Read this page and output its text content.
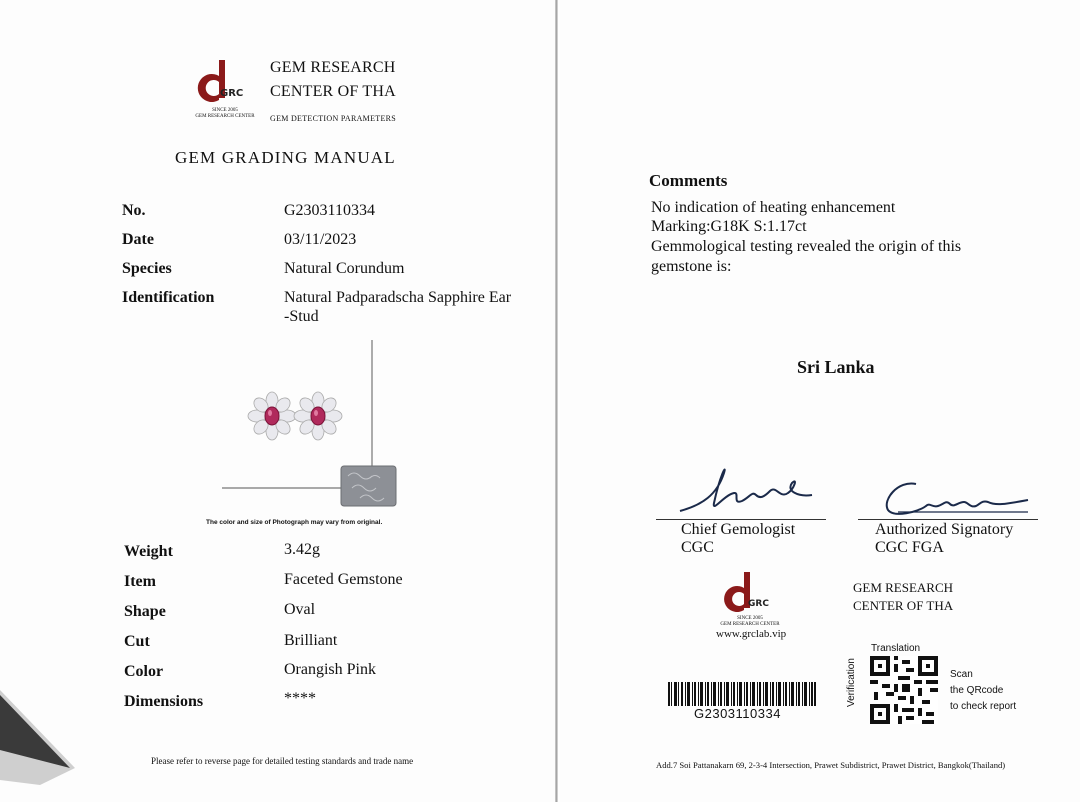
GRC
SINCE 2005
GEM RESEARCH CENTER
GEM RESEARCH
CENTER OF THA
GEM DETECTION PARAMETERS
GEM GRADING MANUAL
No.	G2303110334
Date	03/11/2023
Species	Natural Corundum
Identification	Natural Padparadscha Sapphire Ear
-Stud
The color and size of Photograph may vary from original.
Weight	3.42g
Item	Faceted Gemstone
Shape	Oval
Cut	Brilliant
Color	Orangish Pink
Dimensions	****
Please refer to reverse page for detailed testing standards and trade name
Comments
No indication of heating enhancement
Marking:G18K S:1.17ct
Gemmological testing revealed the origin of this
gemstone is:
Sri Lanka
Chief Gemologist
CGC
Authorized Signatory
CGC FGA
GRC
SINCE 2005
GEM RESEARCH CENTER
www.grclab.vip
GEM RESEARCH
CENTER OF THA
G2303110334
Translation
Verification	Scan
the QRcode
to check report
Add.7 Soi Pattanakarn 69, 2-3-4 Intersection, Prawet Subdistrict, Prawet District, Bangkok(Thailand)
